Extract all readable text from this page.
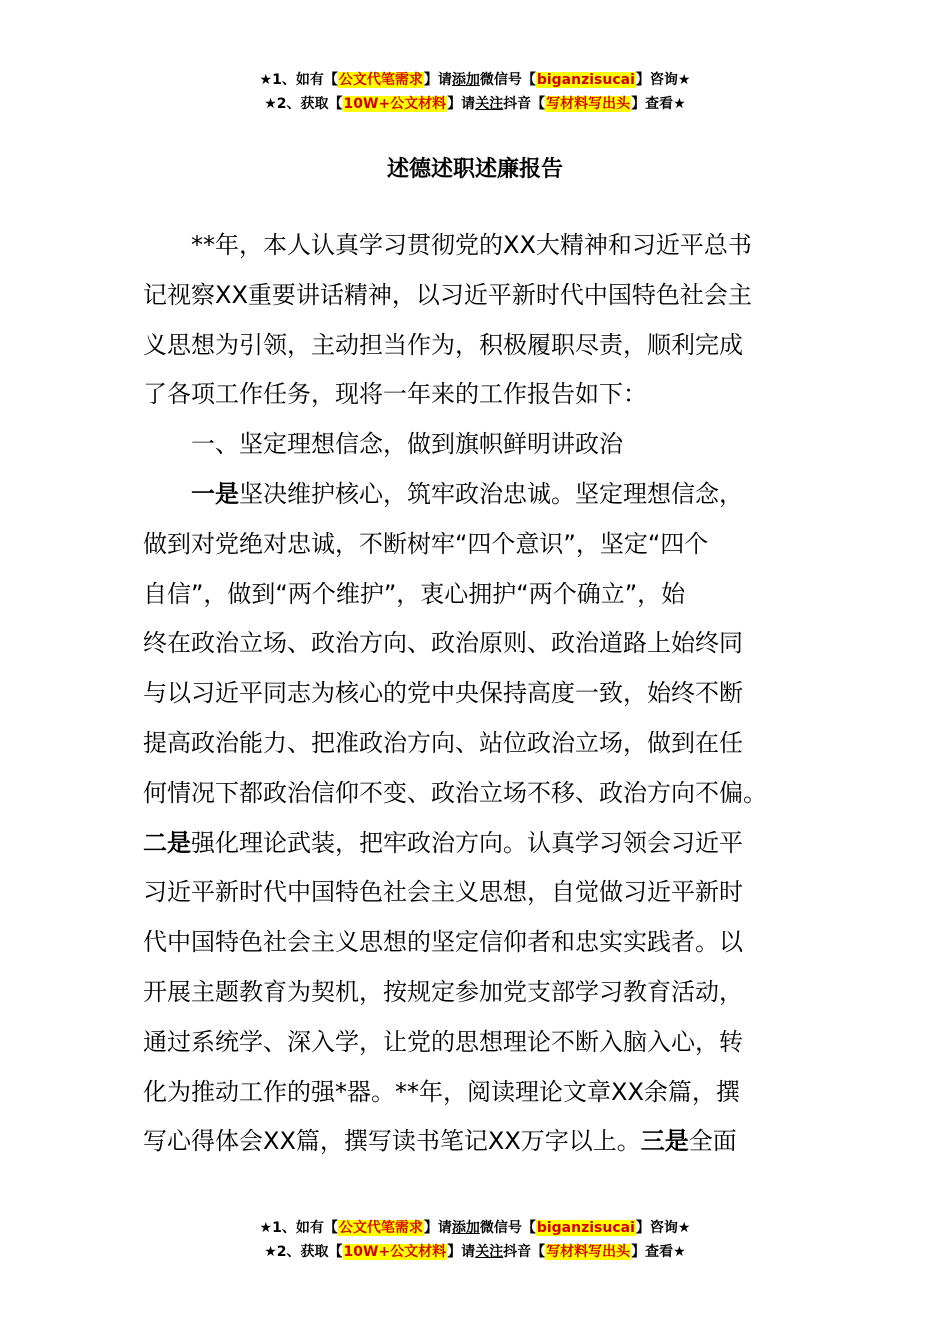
★1、如有【公文代笔需求】请添加微信号【biganzisucai】咨询★
★2、获取【10W+公文材料】请关注抖音【写材料写出头】查看★
述德述职述廉报告

**年，本人认真学习贯彻党的XX大精神和习近平总书

记视察XX重要讲话精神，以习近平新时代中国特色社会主

义思想为引领，主动担当作为，积极履职尽责，顺利完成

了各项工作任务，现将一年来的工作报告如下：

一、坚定理想信念，做到旗帜鲜明讲政治

一是坚决维护核心，筑牢政治忠诚。坚定理想信念，

做到对党绝对忠诚，不断树牢“四个意识”，坚定“四个

自信”，做到“两个维护”，衷心拥护“两个确立”，始

终在政治立场、政治方向、政治原则、政治道路上始终同

与以习近平同志为核心的党中央保持高度一致，始终不断

提高政治能力、把准政治方向、站位政治立场，做到在任

何情况下都政治信仰不变、政治立场不移、政治方向不偏。

二是强化理论武装，把牢政治方向。认真学习领会习近平

习近平新时代中国特色社会主义思想，自觉做习近平新时

代中国特色社会主义思想的坚定信仰者和忠实实践者。以

开展主题教育为契机，按规定参加党支部学习教育活动，

通过系统学、深入学，让党的思想理论不断入脑入心，转

化为推动工作的强*器。**年，阅读理论文章XX余篇，撰

写心得体会XX篇，撰写读书笔记XX万字以上。三是全面

★1、如有【公文代笔需求】请添加微信号【biganzisucai】咨询★
★2、获取【10W+公文材料】请关注抖音【写材料写出头】查看★
